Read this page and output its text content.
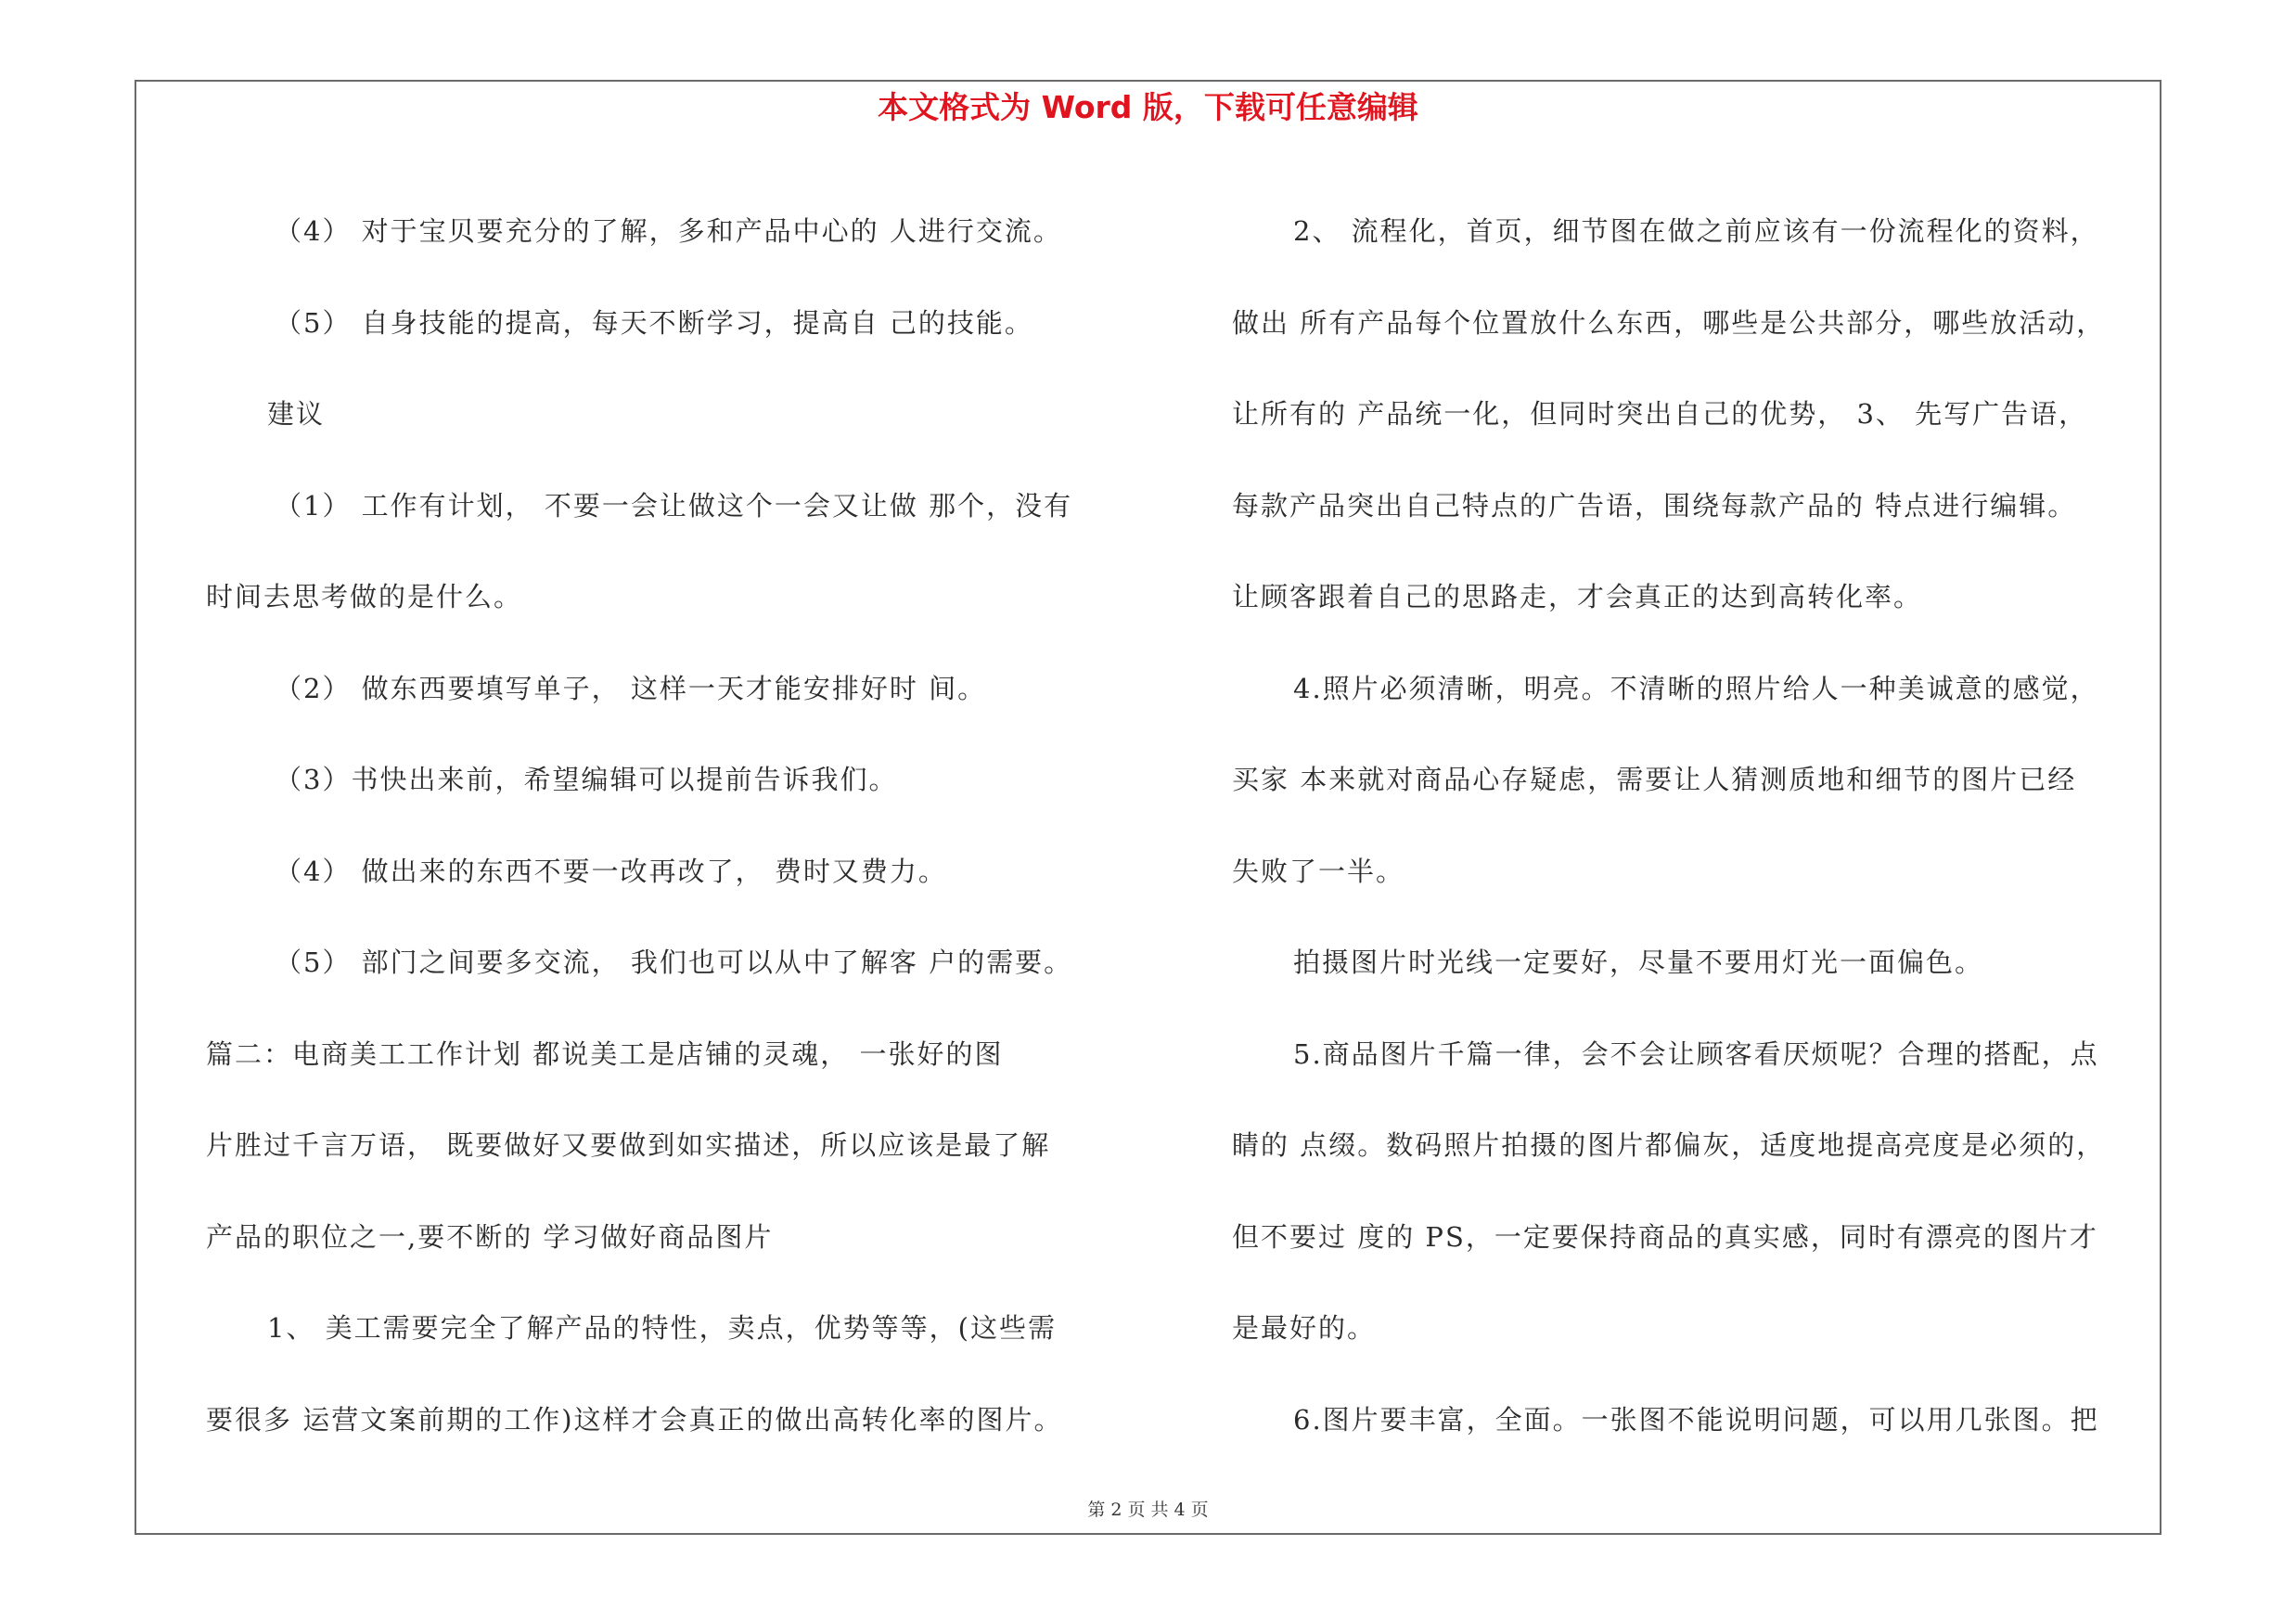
本文格式为 Word 版，下载可任意编辑

（4） 对于宝贝要充分的了解，多和产品中心的 人进行交流。

（5） 自身技能的提高，每天不断学习，提高自 己的技能。

建议

（1） 工作有计划， 不要一会让做这个一会又让做 那个，没有

时间去思考做的是什么。

（2） 做东西要填写单子， 这样一天才能安排好时 间。

（3）书快出来前，希望编辑可以提前告诉我们。

（4） 做出来的东西不要一改再改了， 费时又费力。

（5） 部门之间要多交流， 我们也可以从中了解客 户的需要。

篇二：电商美工工作计划 都说美工是店铺的灵魂， 一张好的图

片胜过千言万语， 既要做好又要做到如实描述，所以应该是最了解

产品的职位之一,要不断的 学习做好商品图片

1、 美工需要完全了解产品的特性，卖点，优势等等，(这些需

要很多 运营文案前期的工作)这样才会真正的做出高转化率的图片。

2、 流程化，首页，细节图在做之前应该有一份流程化的资料，

做出 所有产品每个位置放什么东西，哪些是公共部分，哪些放活动，

让所有的 产品统一化，但同时突出自己的优势， 3、 先写广告语，

每款产品突出自己特点的广告语，围绕每款产品的 特点进行编辑。

让顾客跟着自己的思路走，才会真正的达到高转化率。

4.照片必须清晰，明亮。不清晰的照片给人一种美诚意的感觉，

买家 本来就对商品心存疑虑，需要让人猜测质地和细节的图片已经

失败了一半。

拍摄图片时光线一定要好，尽量不要用灯光一面偏色。

5.商品图片千篇一律，会不会让顾客看厌烦呢？合理的搭配，点

睛的 点缀。数码照片拍摄的图片都偏灰，适度地提高亮度是必须的，

但不要过 度的 PS，一定要保持商品的真实感，同时有漂亮的图片才

是最好的。

6.图片要丰富，全面。一张图不能说明问题，可以用几张图。把

第 2 页 共 4 页
